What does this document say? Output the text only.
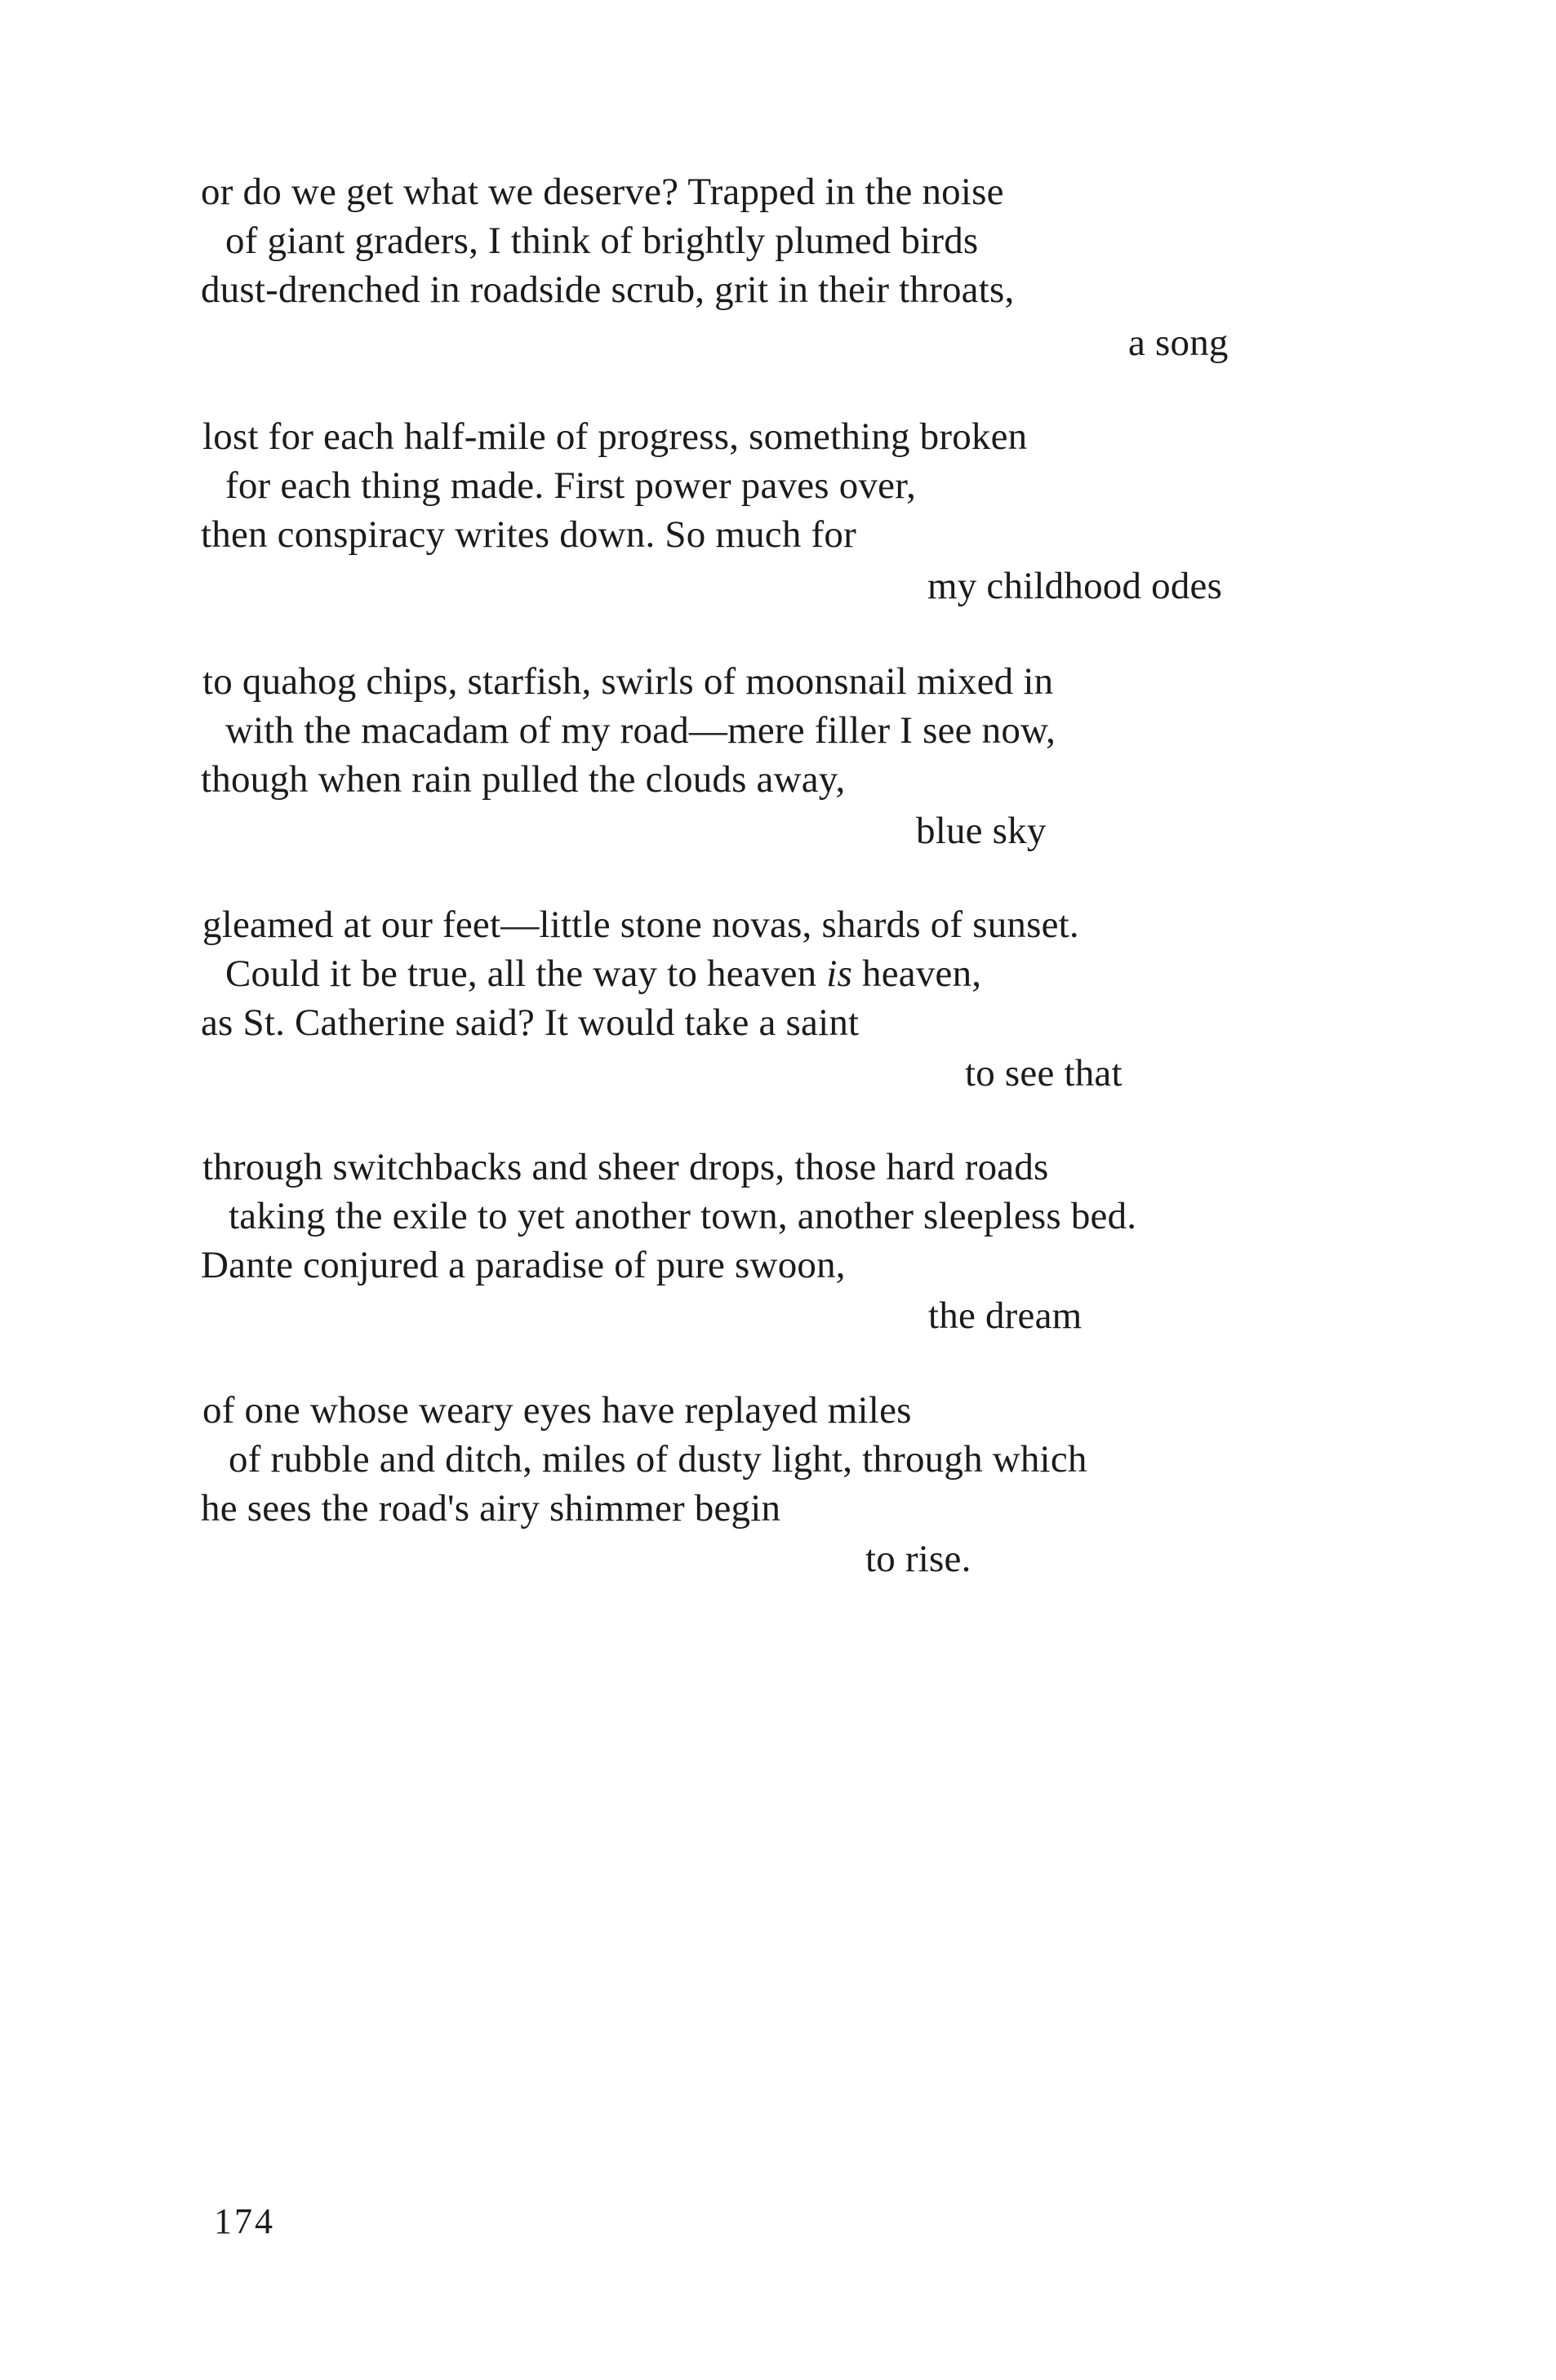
or do we get what we deserve? Trapped in the noise
of giant graders, I think of brightly plumed birds
dust-drenched in roadside scrub, grit in their throats,
a song
lost for each half-mile of progress, something broken
for each thing made. First power paves over,
then conspiracy writes down. So much for
my childhood odes
to quahog chips, starfish, swirls of moonsnail mixed in
with the macadam of my road—mere filler I see now,
though when rain pulled the clouds away,
blue sky
gleamed at our feet—little stone novas, shards of sunset.
Could it be true, all the way to heaven is heaven,
as St. Catherine said? It would take a saint
to see that
through switchbacks and sheer drops, those hard roads
taking the exile to yet another town, another sleepless bed.
Dante conjured a paradise of pure swoon,
the dream
of one whose weary eyes have replayed miles
of rubble and ditch, miles of dusty light, through which
he sees the road's airy shimmer begin
to rise.
174
